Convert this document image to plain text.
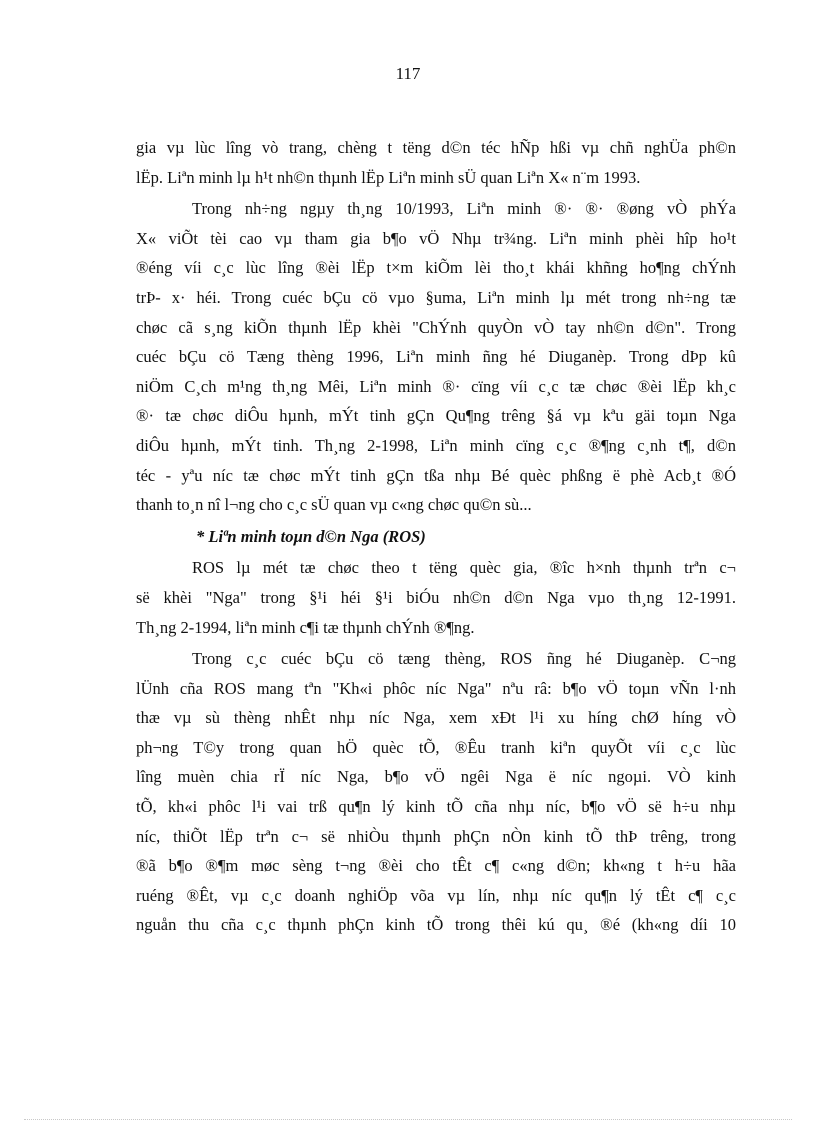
117
gia vµ lùc lîng vò trang, chèng t tëng d©n téc hÑp hßi vµ chñ nghÜa ph©n
lËp. Liªn minh lµ h¹t nh©n thµnh lËp Liªn minh sÜ quan Liªn X« n¨m 1993.
Trong nh÷ng ngµy th¸ng 10/1993, Liªn minh ®· ®· ®øng vÒ phÝa
X« viÕt tèi cao vµ tham gia b¶o vÖ Nhµ tr¾ng. Liªn minh phèi hîp ho¹t
®éng víi c¸c lùc lîng ®èi lËp t×m kiÕm lèi tho¸t khái khñng ho¶ng chÝnh
trÞ- x· héi. Trong cuéc bÇu cö vµo §uma, Liªn minh lµ mét trong nh÷ng tæ
chøc cã s¸ng kiÕn thµnh lËp khèi "ChÝnh quyÒn vÒ tay nh©n d©n". Trong
cuéc bÇu cö Tæng thèng 1996, Liªn minh ñng hé Diuganèp. Trong dÞp kû
niÖm C¸ch m¹ng th¸ng Mêi, Liªn minh ®· cïng víi c¸c tæ chøc ®èi lËp kh¸c
®· tæ chøc diÔu hµnh, mÝt tinh gÇn Qu¶ng trêng §á vµ kªu gäi toµn Nga
diÔu hµnh, mÝt tinh. Th¸ng 2-1998, Liªn minh cïng c¸c ®¶ng c¸nh t¶, d©n
téc - yªu níc tæ chøc mÝt tinh gÇn tßa nhµ Bé quèc phßng ë phè Acb¸t ®Ó
thanh to¸n nî l¬ng cho c¸c sÜ quan vµ c«ng chøc qu©n sù...
* Liªn minh toµn d©n Nga (ROS)
ROS lµ mét tæ chøc theo t tëng quèc gia, ®îc h×nh thµnh trªn c¬
së khèi "Nga" trong §¹i héi §¹i biÓu nh©n d©n Nga vµo th¸ng 12-1991.
Th¸ng 2-1994, liªn minh c¶i tæ thµnh chÝnh ®¶ng.
Trong c¸c cuéc bÇu cö tæng thèng, ROS ñng hé Diuganèp. C¬ng
lÜnh cña ROS mang tªn "Kh«i phôc níc Nga" nªu râ: b¶o vÖ toµn vÑn l·nh
thæ vµ sù thèng nhÊt nhµ níc Nga, xem xÐt l¹i xu híng chØ híng vÒ
ph¬ng T©y trong quan hÖ quèc tÕ, ®Êu tranh kiªn quyÕt víi c¸c lùc
lîng muèn chia rÏ níc Nga, b¶o vÖ ngêi Nga ë níc ngoµi. VÒ kinh
tÕ, kh«i phôc l¹i vai trß qu¶n lý kinh tÕ cña nhµ níc, b¶o vÖ së h÷u nhµ
níc, thiÕt lËp trªn c¬ së nhiÒu thµnh phÇn nÒn kinh tÕ thÞ trêng, trong
®ã b¶o ®¶m møc sèng t¬ng ®èi cho tÊt c¶ c«ng d©n; kh«ng t h÷u hãa
ruéng ®Êt, vµ c¸c doanh nghiÖp võa vµ lín, nhµ níc qu¶n lý tÊt c¶ c¸c
nguån thu cña c¸c thµnh phÇn kinh tÕ trong thêi kú qu¸ ®é (kh«ng díi 10
